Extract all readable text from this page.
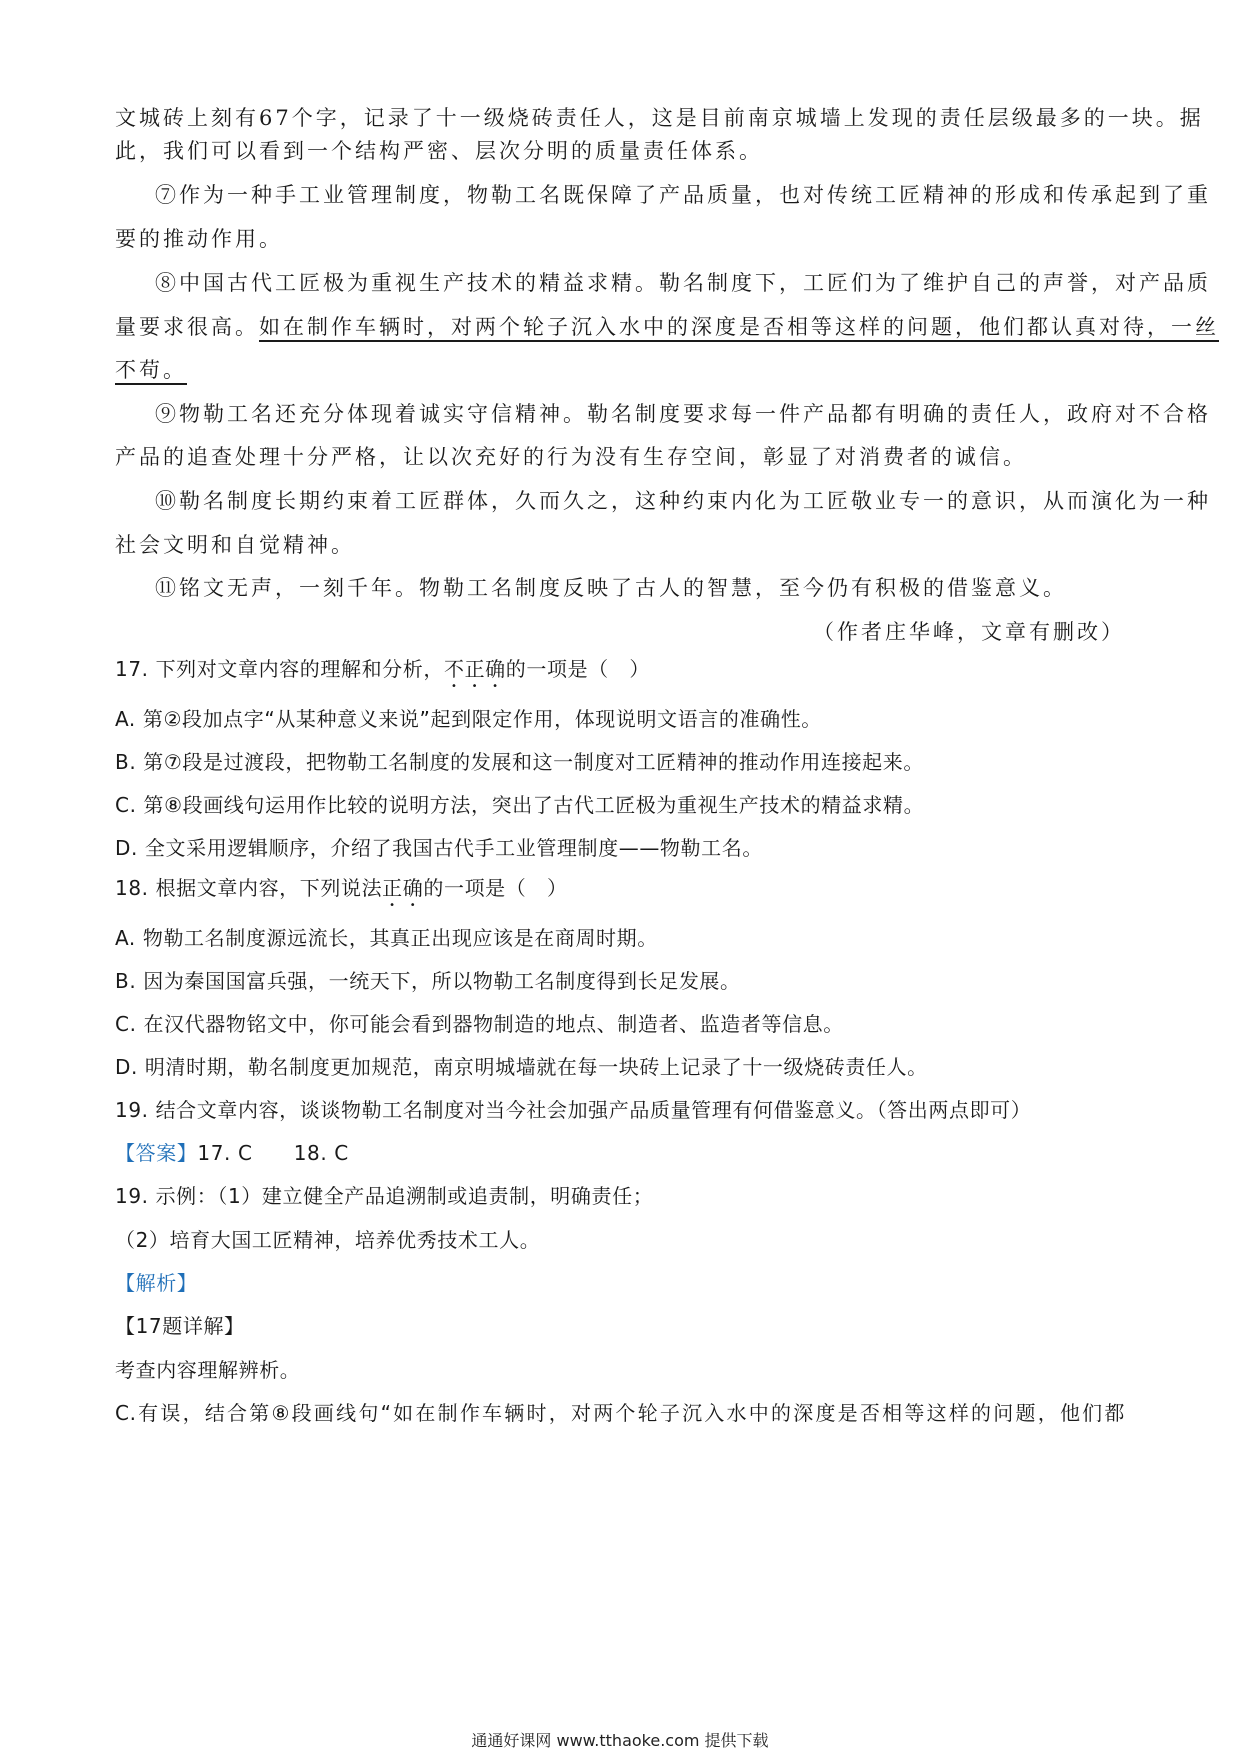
文城砖上刻有67个字，记录了十一级烧砖责任人，这是目前南京城墙上发现的责任层级最多的一块。据
此，我们可以看到一个结构严密、层次分明的质量责任体系。
⑦作为一种手工业管理制度，物勒工名既保障了产品质量，也对传统工匠精神的形成和传承起到了重
要的推动作用。
⑧中国古代工匠极为重视生产技术的精益求精。勒名制度下，工匠们为了维护自己的声誉，对产品质
量要求很高。如在制作车辆时，对两个轮子沉入水中的深度是否相等这样的问题，他们都认真对待，一丝
不苟。
⑨物勒工名还充分体现着诚实守信精神。勒名制度要求每一件产品都有明确的责任人，政府对不合格
产品的追查处理十分严格，让以次充好的行为没有生存空间，彰显了对消费者的诚信。
⑩勒名制度长期约束着工匠群体，久而久之，这种约束内化为工匠敬业专一的意识，从而演化为一种
社会文明和自觉精神。
⑪铭文无声，一刻千年。物勒工名制度反映了古人的智慧，至今仍有积极的借鉴意义。
（作者庄华峰，文章有删改）
17. 下列对文章内容的理解和分析，不正确的一项是（　）
A. 第②段加点字“从某种意义来说”起到限定作用，体现说明文语言的准确性。
B. 第⑦段是过渡段，把物勒工名制度的发展和这一制度对工匠精神的推动作用连接起来。
C. 第⑧段画线句运用作比较的说明方法，突出了古代工匠极为重视生产技术的精益求精。
D. 全文采用逻辑顺序，介绍了我国古代手工业管理制度——物勒工名。
18. 根据文章内容，下列说法正确的一项是（　）
A. 物勒工名制度源远流长，其真正出现应该是在商周时期。
B. 因为秦国国富兵强，一统天下，所以物勒工名制度得到长足发展。
C. 在汉代器物铭文中，你可能会看到器物制造的地点、制造者、监造者等信息。
D. 明清时期，勒名制度更加规范，南京明城墙就在每一块砖上记录了十一级烧砖责任人。
19. 结合文章内容，谈谈物勒工名制度对当今社会加强产品质量管理有何借鉴意义。（答出两点即可）
【答案】17. C　　18. C
19. 示例：（1）建立健全产品追溯制或追责制，明确责任；
（2）培育大国工匠精神，培养优秀技术工人。
【解析】
【17题详解】
考查内容理解辨析。
C.有误，结合第⑧段画线句“如在制作车辆时，对两个轮子沉入水中的深度是否相等这样的问题，他们都
通通好课网 www.tthaoke.com 提供下载
